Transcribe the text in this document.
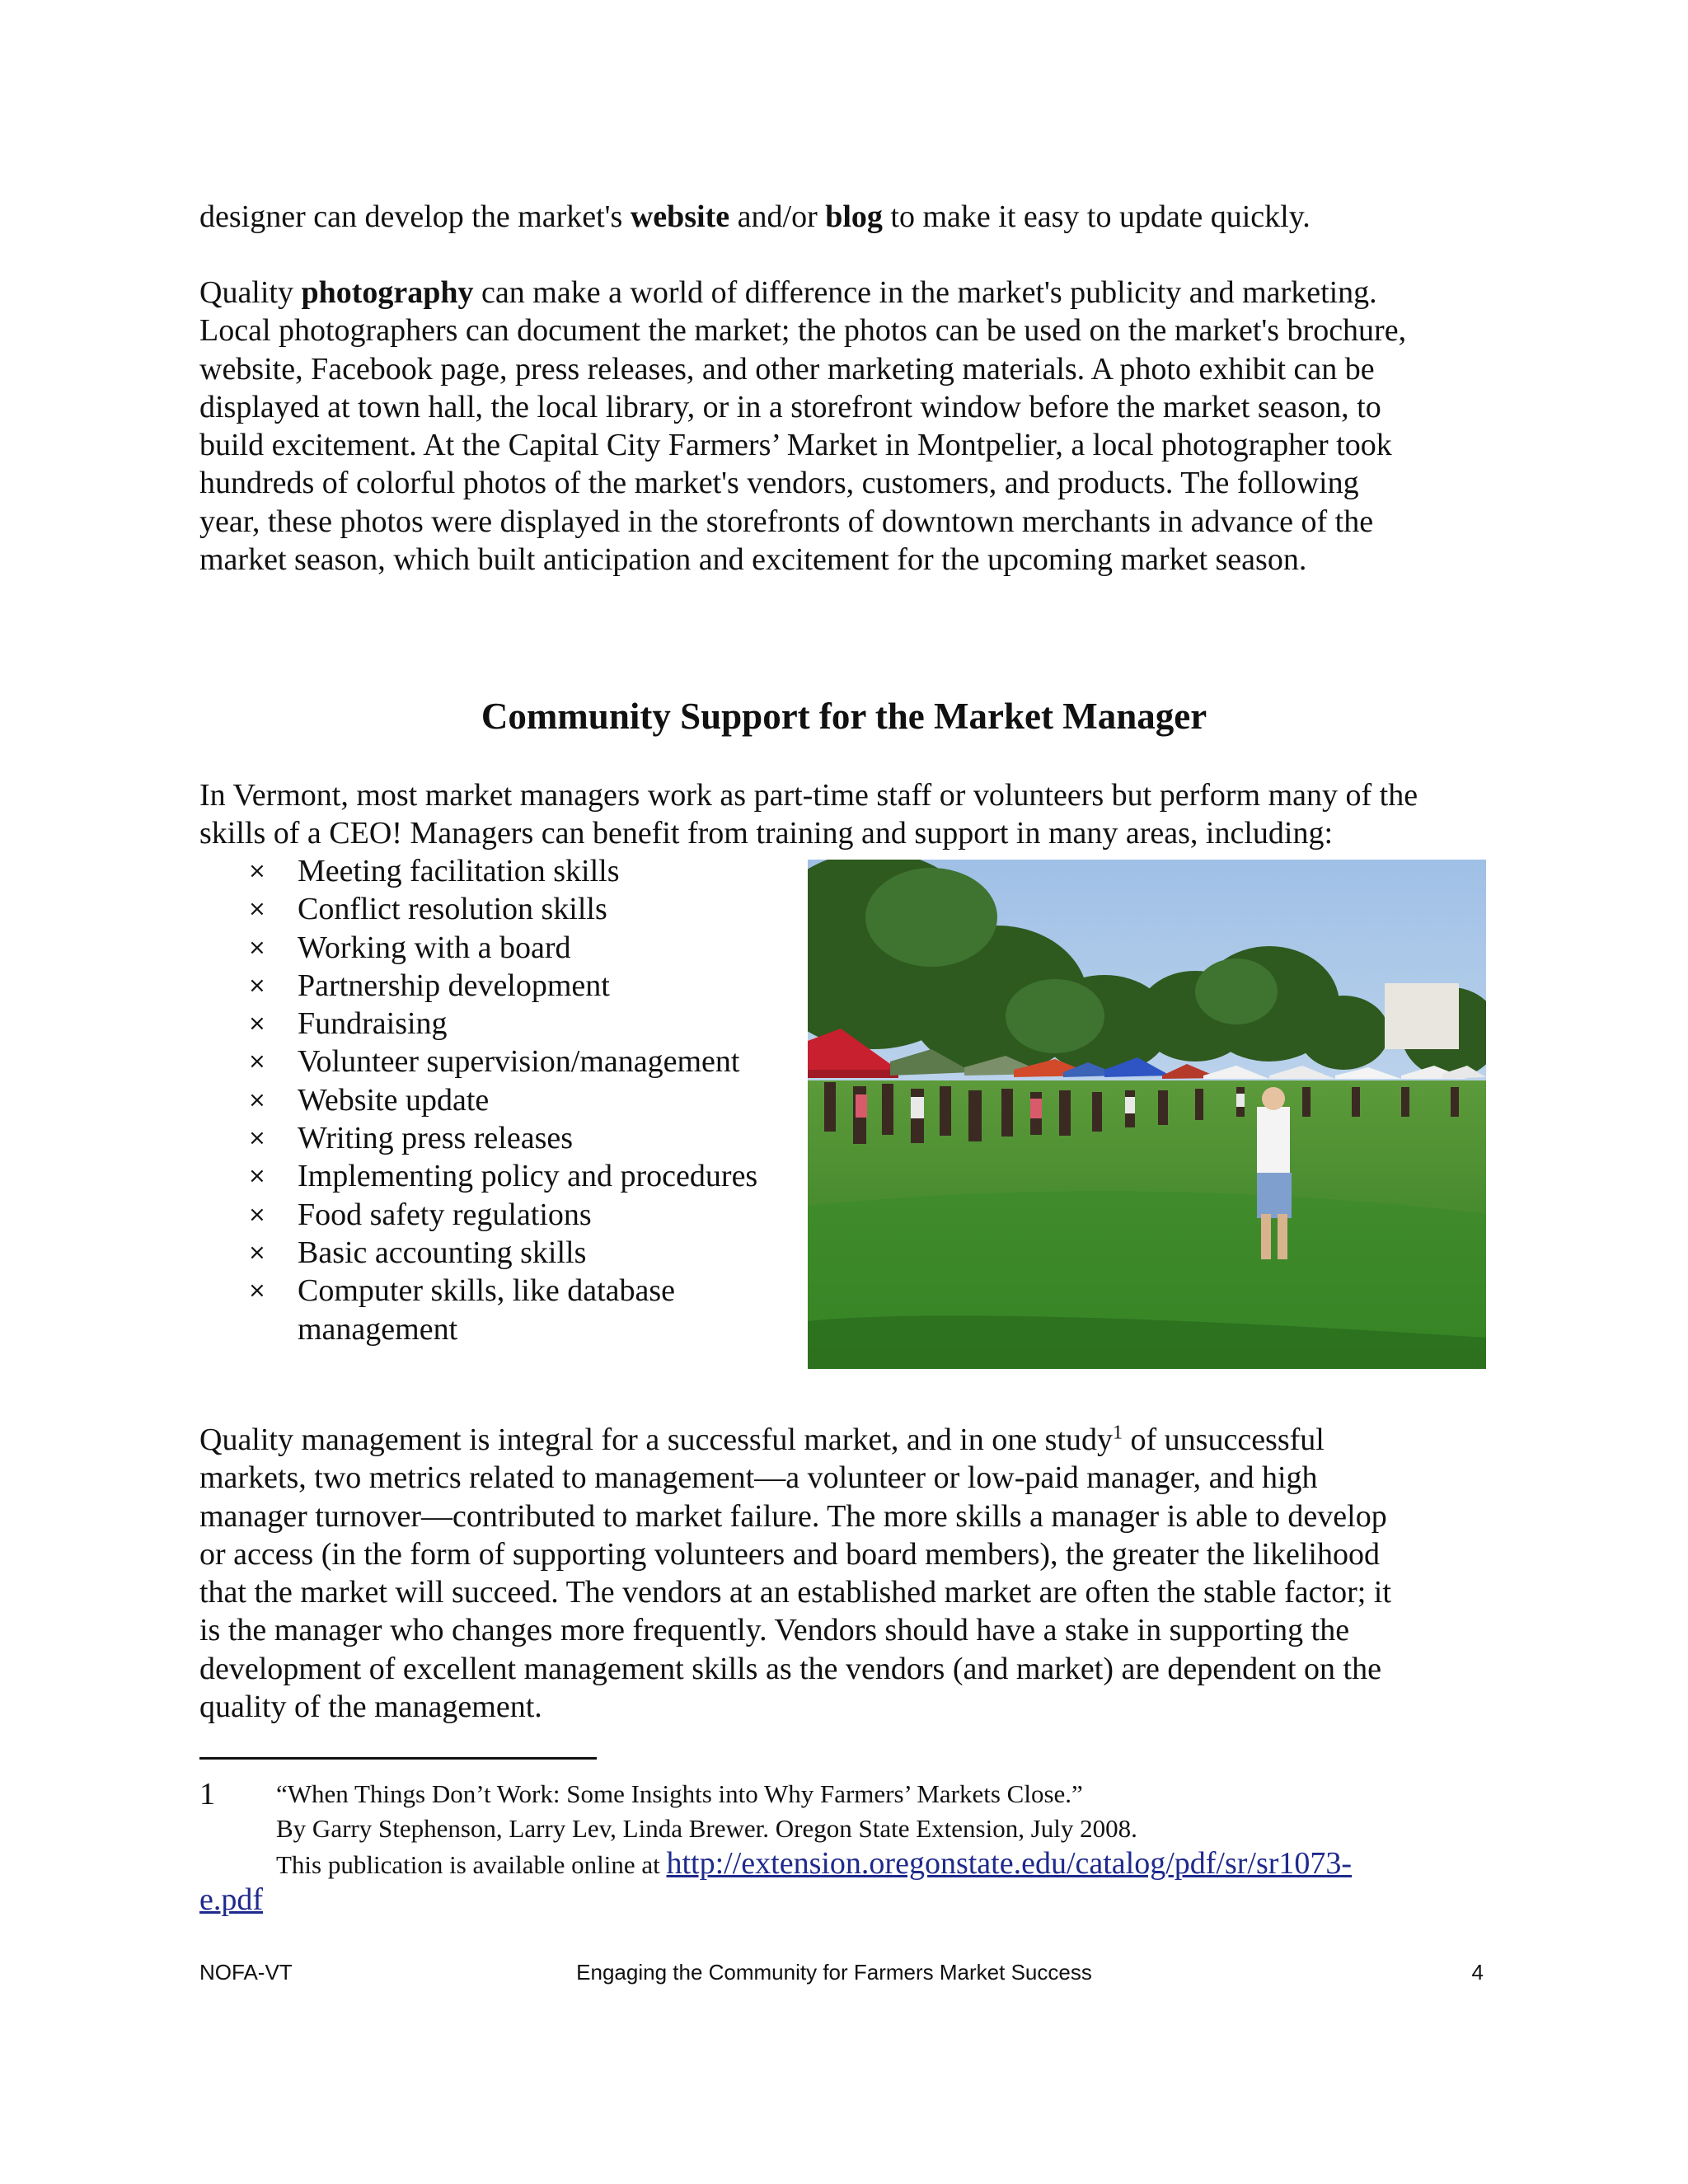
designer can develop the market's website and/or blog to make it easy to update quickly.

Quality photography can make a world of difference in the market's publicity and marketing.
Local photographers can document the market; the photos can be used on the market's brochure,
website, Facebook page, press releases, and other marketing materials. A photo exhibit can be
displayed at town hall, the local library, or in a storefront window before the market season, to
build excitement. At the Capital City Farmers’ Market in Montpelier, a local photographer took
hundreds of colorful photos of the market's vendors, customers, and products. The following
year, these photos were displayed in the storefronts of downtown merchants in advance of the
market season, which built anticipation and excitement for the upcoming market season.

Community Support for the Market Manager

In Vermont, most market managers work as part-time staff or volunteers but perform many of the
skills of a CEO! Managers can benefit from training and support in many areas, including:

× Meeting facilitation skills
× Conflict resolution skills
× Working with a board
× Partnership development
× Fundraising
× Volunteer supervision/management
× Website update
× Writing press releases
× Implementing policy and procedures
× Food safety regulations
× Basic accounting skills
× Computer skills, like database management

Quality management is integral for a successful market, and in one study$^1$ of unsuccessful
markets, two metrics related to management—a volunteer or low-paid manager, and high
manager turnover—contributed to market failure. The more skills a manager is able to develop
or access (in the form of supporting volunteers and board members), the greater the likelihood
that the market will succeed. The vendors at an established market are often the stable factor; it
is the manager who changes more frequently. Vendors should have a stake in supporting the
development of excellent management skills as the vendors (and market) are dependent on the
quality of the management.

1	“When Things Don’t Work: Some Insights into Why Farmers’ Markets Close.”
By Garry Stephenson, Larry Lev, Linda Brewer. Oregon State Extension, July 2008.
This publication is available online at http://extension.oregonstate.edu/catalog/pdf/sr/sr1073-
e.pdf
NOFA-VT	Engaging the Community for Farmers Market Success	4
